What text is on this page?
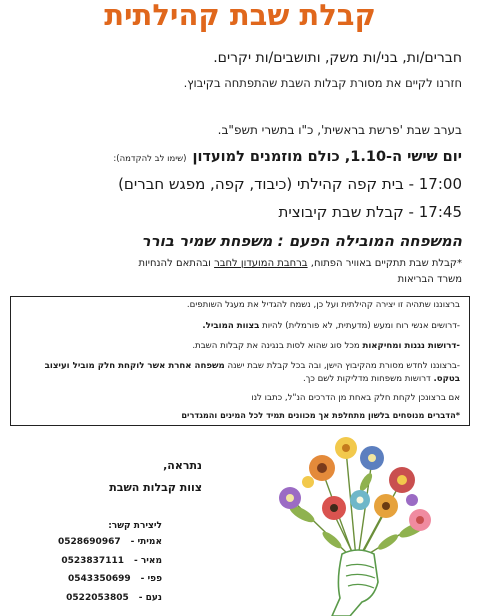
קבלת שבת קהילתית
חברים/ות, בני/ות משק, ותושבים/ות יקרים.
חזרנו לקיים את מסורת קבלות השבת שהתפתחה בקיבוץ.
בערב שבת 'פרשת בראשית', כ"ו בתשרי תשפ"ב.
יום שישי ה-1.10, כולם מוזמנים למועדון(שימו לב להקדמה):
17:00 - בית קפה קהילתי (כיבוד, קפה, מפגש חברים)
17:45 - קבלת שבת קיבוצית
המשפחה המובילה הפעם : משפחת שמיר בורר
*קבלת שבת תתקיים באוויר הפתוח, ברחבת המועדון לחבר ובהתאם להנחיות
משרד הבריאות
ברצוננו שתהיה זו יצירה קהילתית ועל כן, נשמח להגדיל את מעגל השותפים.
-דרושים אנשי רוח ומעש (מדעתית, לא פורמלית) להיות בצוות המוביל.
-דרושות נגנות ומחיקאות מכל סוג שהוא לסות בנגינה את קבלות השבת.
-ברצוננו לחדש מסורת מהקיבוץ הישן, ובה בכל קבלת שבת ישנה משפחה אחרת אשר לוקחת חלק מוביל ועיצוב
בטקס. דרושות משפחות מדליקות לשם כך.
אם ברצונכן לקחת חלק באחת מן הדרכים הנ"ל, כתבו לנו
*הדברים מנוסחים בלשון מתחלפת אך מכוונים תמיד לכל המינים והמגדרים
נתראה,
צוות קבלות השבת
ליצירת קשר:
אמיתי -0528690967
מאיר -0523837111
פפי -0543350699
נעם -0522053805
